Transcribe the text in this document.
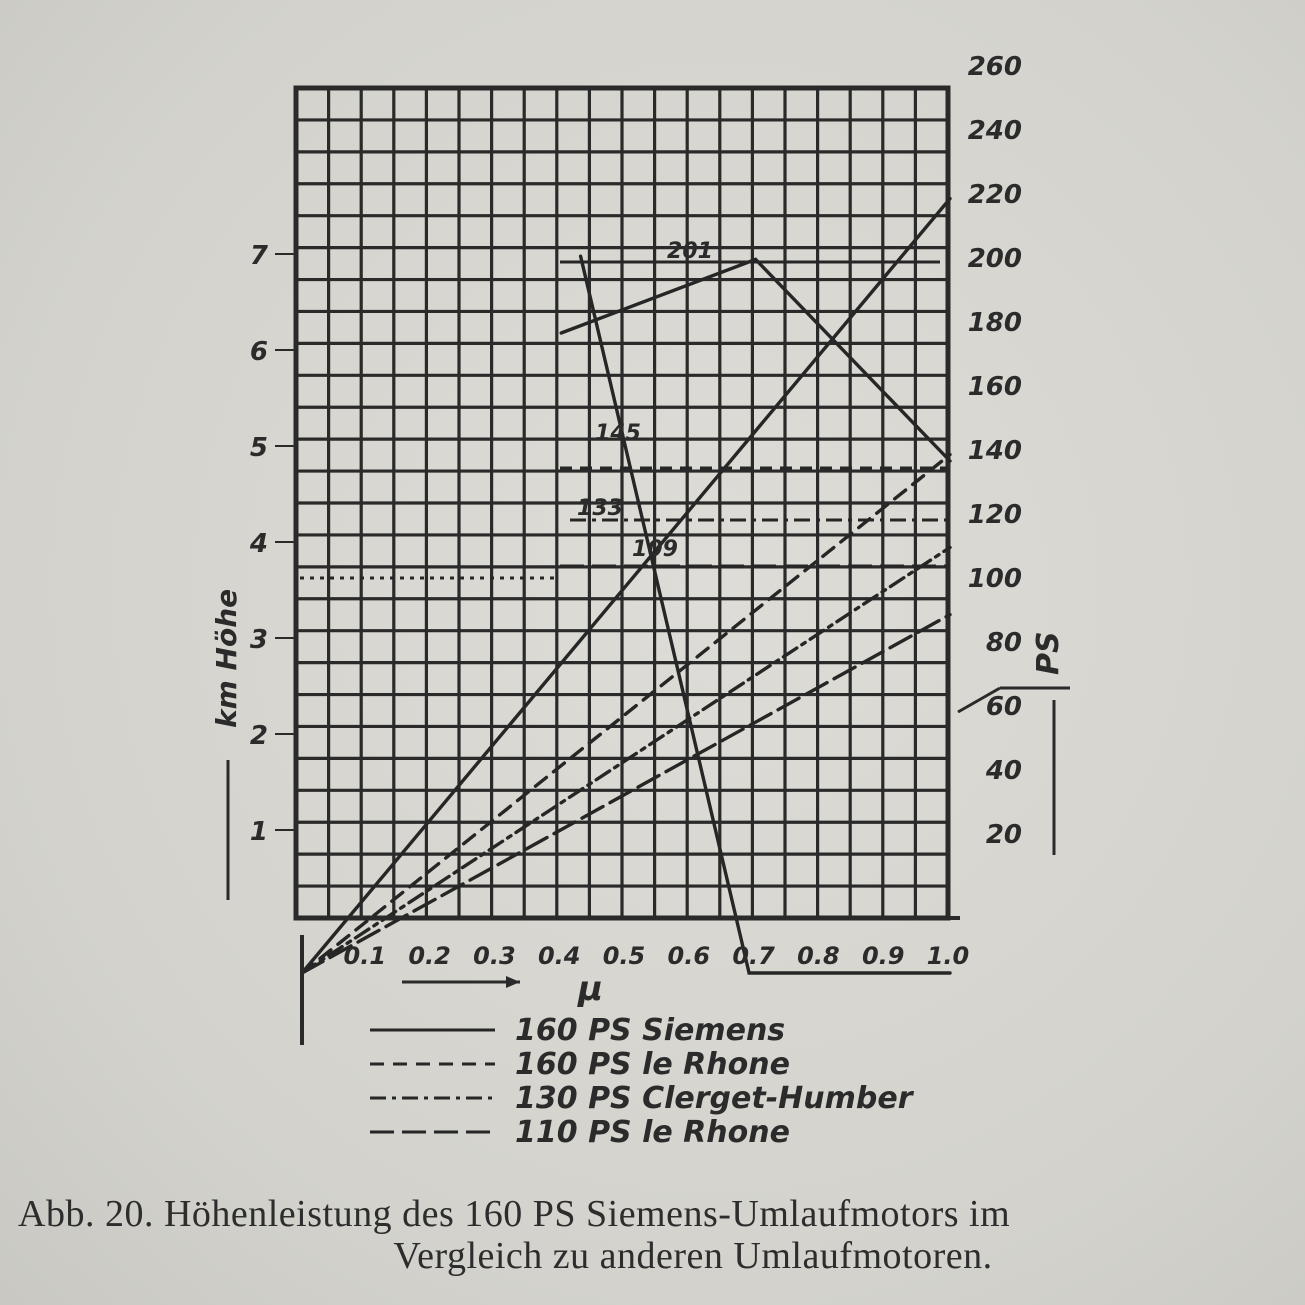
201
145
133
109
0.1 0.2 0.3 0.4 0.5 0.6 0.7 0.8 0.9 1.0
μ
1
2
3
4
5
6
7
km Höhe
20
40
60
80
100
120
140
160
180
200
220
240
260
PS
160 PS Siemens
160 PS le Rhone
130 PS Clerget-Humber
110 PS le Rhone
Abb. 20. Höhenleistung des 160 PS Siemens-Umlaufmotors im
Vergleich zu anderen Umlaufmotoren.
